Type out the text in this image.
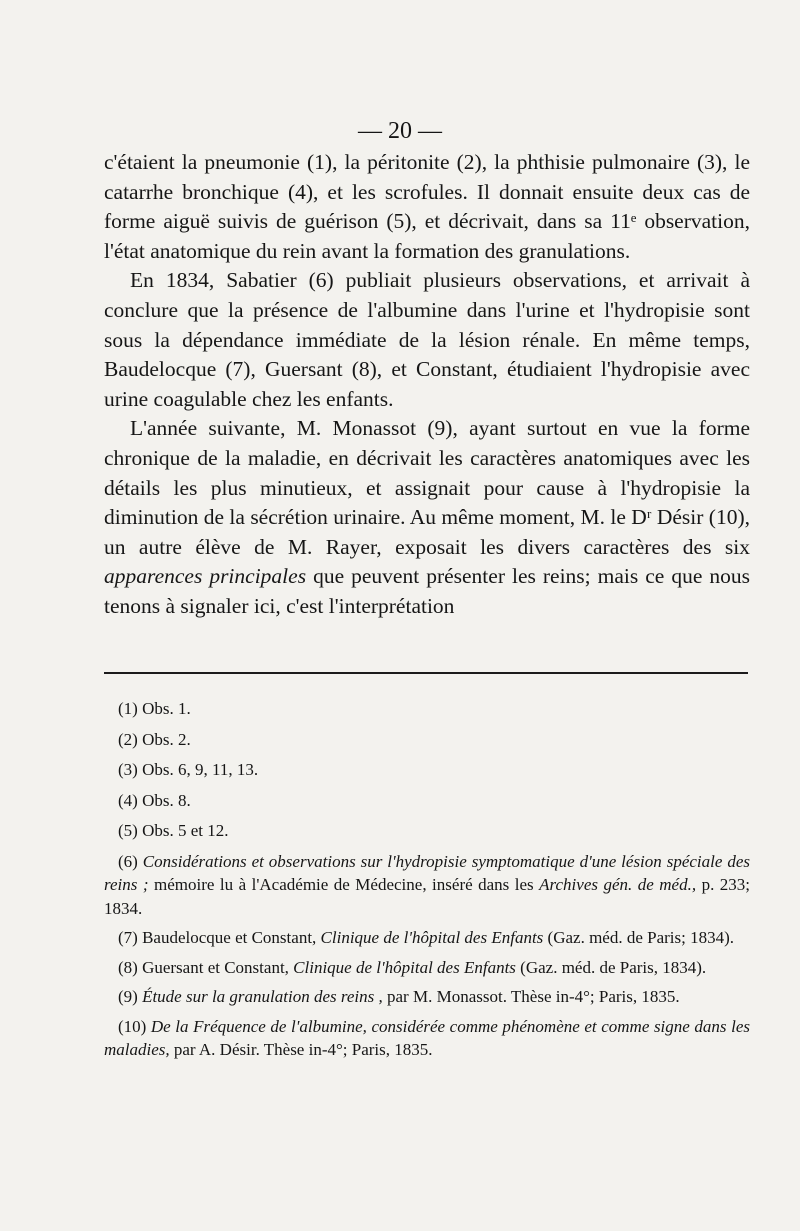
— 20 —

c'étaient la pneumonie (1), la péritonite (2), la phthisie pulmonaire (3), le catarrhe bronchique (4), et les scrofules. Il donnait ensuite deux cas de forme aiguë suivis de guérison (5), et décrivait, dans sa 11ᵉ observation, l'état anatomique du rein avant la formation des granulations.

En 1834, Sabatier (6) publiait plusieurs observations, et arrivait à conclure que la présence de l'albumine dans l'urine et l'hydropisie sont sous la dépendance immédiate de la lésion rénale. En même temps, Baudelocque (7), Guersant (8), et Constant, étudiaient l'hydropisie avec urine coagulable chez les enfants.

L'année suivante, M. Monassot (9), ayant surtout en vue la forme chronique de la maladie, en décrivait les caractères anatomiques avec les détails les plus minutieux, et assignait pour cause à l'hydropisie la diminution de la sécrétion urinaire. Au même moment, M. le Dʳ Désir (10), un autre élève de M. Rayer, exposait les divers caractères des six apparences principales que peuvent présenter les reins; mais ce que nous tenons à signaler ici, c'est l'interprétation

(1) Obs. 1.
(2) Obs. 2.
(3) Obs. 6, 9, 11, 13.
(4) Obs. 8.
(5) Obs. 5 et 12.
(6) Considérations et observations sur l'hydropisie symptomatique d'une lésion spéciale des reins ; mémoire lu à l'Académie de Médecine, inséré dans les Archives gén. de méd., p. 233; 1834.
(7) Baudelocque et Constant, Clinique de l'hôpital des Enfants (Gaz. méd. de Paris; 1834).
(8) Guersant et Constant, Clinique de l'hôpital des Enfants (Gaz. méd. de Paris, 1834).
(9) Étude sur la granulation des reins , par M. Monassot. Thèse in-4°; Paris, 1835.
(10) De la Fréquence de l'albumine, considérée comme phénomène et comme signe dans les maladies, par A. Désir. Thèse in-4°; Paris, 1835.
